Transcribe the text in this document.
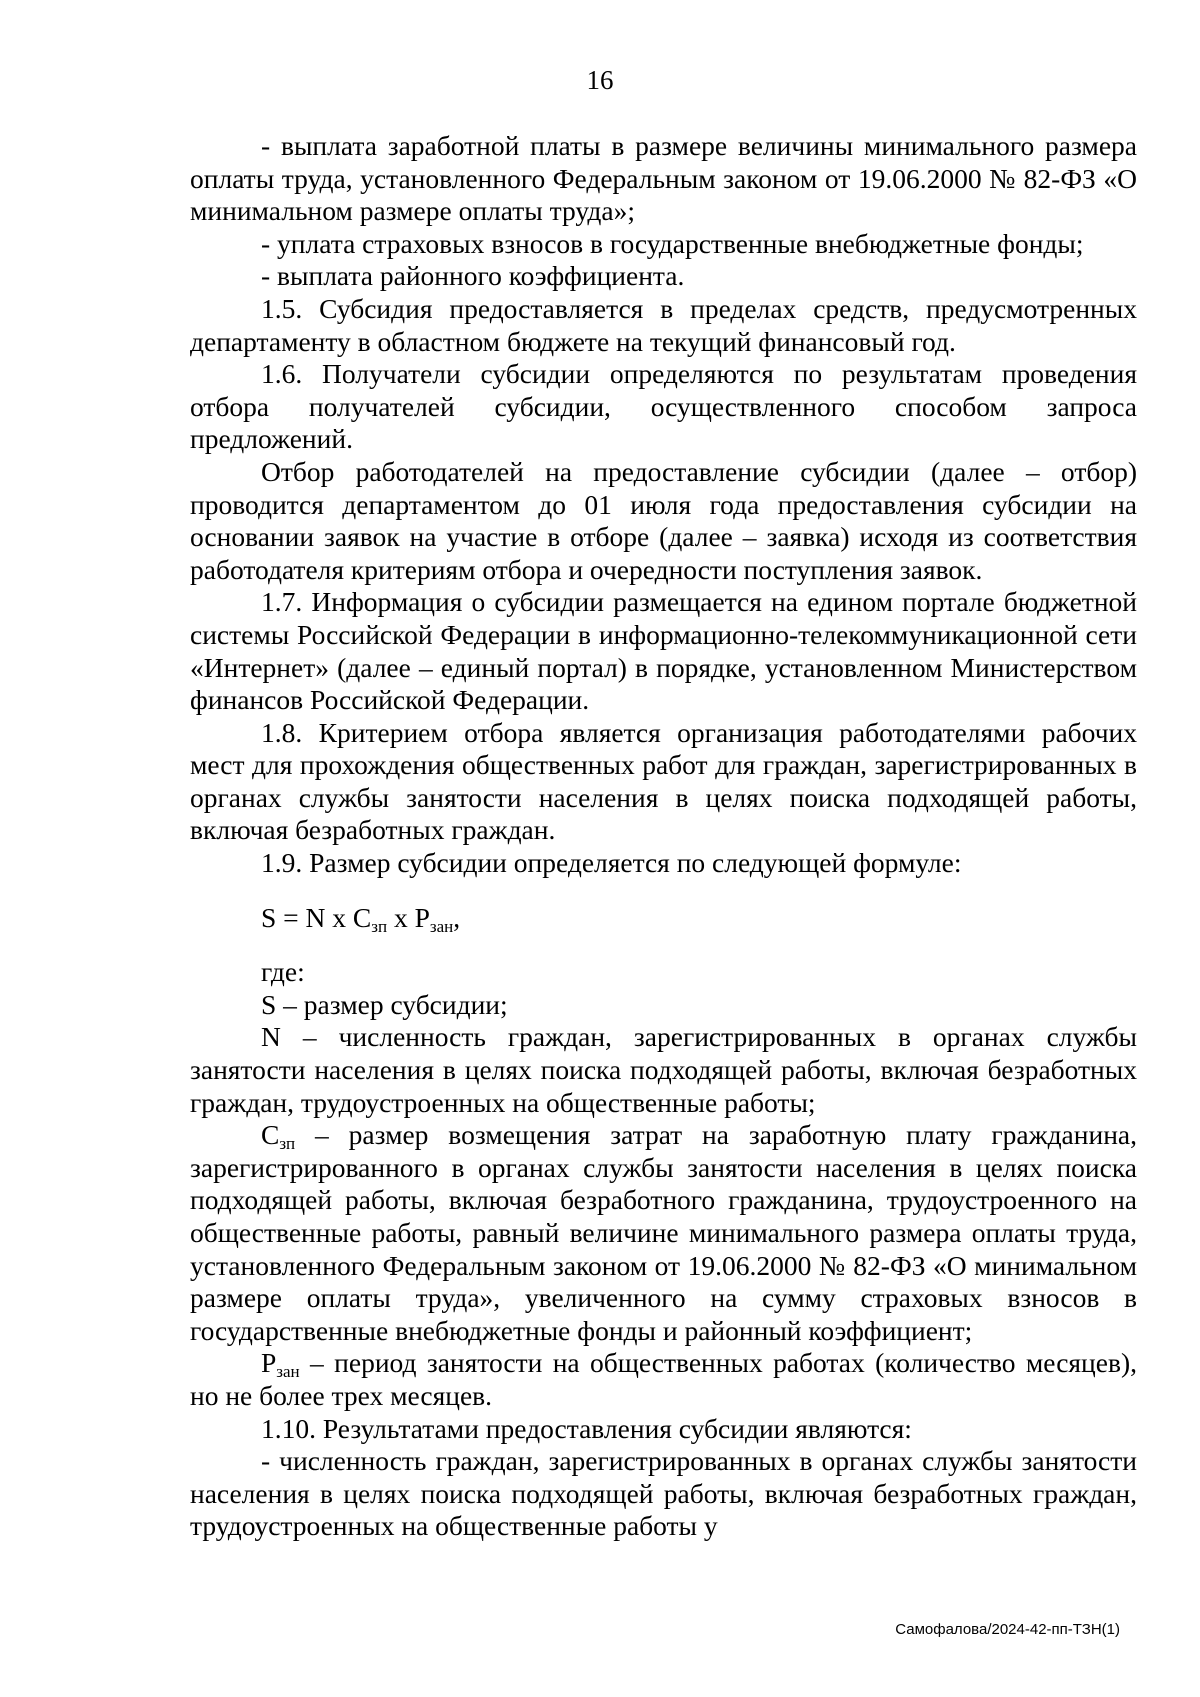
16

- выплата заработной платы в размере величины минимального размера оплаты труда, установленного Федеральным законом от 19.06.2000 № 82-ФЗ «О минимальном размере оплаты труда»;

- уплата страховых взносов в государственные внебюджетные фонды;

- выплата районного коэффициента.

1.5. Субсидия предоставляется в пределах средств, предусмотренных департаменту в областном бюджете на текущий финансовый год.

1.6. Получатели субсидии определяются по результатам проведения отбора получателей субсидии, осуществленного способом запроса предложений.

Отбор работодателей на предоставление субсидии (далее – отбор) проводится департаментом до 01 июля года предоставления субсидии на основании заявок на участие в отборе (далее – заявка) исходя из соответствия работодателя критериям отбора и очередности поступления заявок.

1.7. Информация о субсидии размещается на едином портале бюджетной системы Российской Федерации в информационно-телекоммуникационной сети «Интернет» (далее – единый портал) в порядке, установленном Министерством финансов Российской Федерации.

1.8. Критерием отбора является организация работодателями рабочих мест для прохождения общественных работ для граждан, зарегистрированных в органах службы занятости населения в целях поиска подходящей работы, включая безработных граждан.

1.9. Размер субсидии определяется по следующей формуле:

S = N x $C_{зп}$ x $P_{зан}$,

где:

S – размер субсидии;

N – численность граждан, зарегистрированных в органах службы занятости населения в целях поиска подходящей работы, включая безработных граждан, трудоустроенных на общественные работы;

$С_{зп}$ – размер возмещения затрат на заработную плату гражданина, зарегистрированного в органах службы занятости населения в целях поиска подходящей работы, включая безработного гражданина, трудоустроенного на общественные работы, равный величине минимального размера оплаты труда, установленного Федеральным законом от 19.06.2000 № 82-ФЗ «О минимальном размере оплаты труда», увеличенного на сумму страховых взносов в государственные внебюджетные фонды и районный коэффициент;

$Р_{зан}$ – период занятости на общественных работах (количество месяцев), но не более трех месяцев.

1.10. Результатами предоставления субсидии являются:

- численность граждан, зарегистрированных в органах службы занятости населения в целях поиска подходящей работы, включая безработных граждан, трудоустроенных на общественные работы у

Самофалова/2024-42-пп-ТЗН(1)
